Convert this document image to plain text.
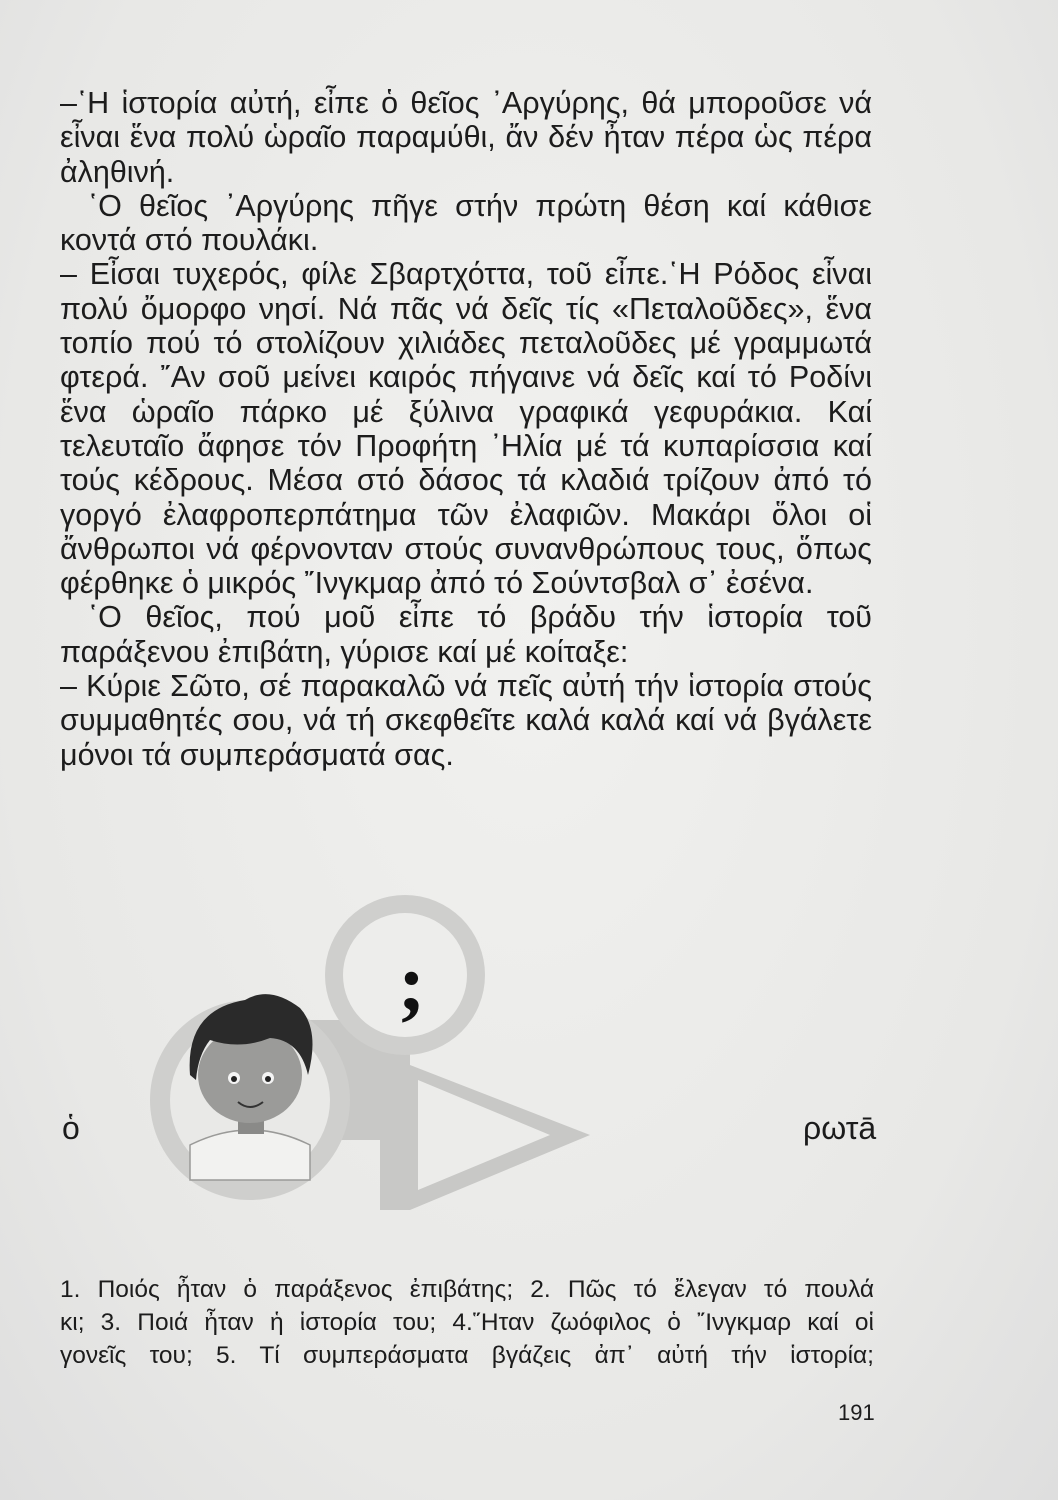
–῾Η ἱστορία αὐτή, εἶπε ὁ θεῖος ᾿Αργύρης, θά μποροῦσε νά εἶναι ἕνα πολύ ὡραῖο παραμύθι, ἄν δέν ἦταν πέρα ὡς πέρα ἀληθινή.

῾Ο θεῖος ᾿Αργύρης πῆγε στήν πρώτη θέση καί κάθισε κοντά στό πουλάκι.

– Εἶσαι τυχερός, φίλε Σβαρτχόττα, τοῦ εἶπε.῾Η Ρόδος εἶναι πολύ ὄμορφο νησί. Νά πᾶς νά δεῖς τίς «Πεταλοῦδες», ἕνα τοπίο πού τό στολίζουν χιλιάδες πεταλοῦδες μέ γραμμωτά φτερά. ῎Αν σοῦ μείνει καιρός πήγαινε νά δεῖς καί τό Ροδίνι ἕνα ὡραῖο πάρκο μέ ξύλινα γραφικά γεφυράκια. Καί τελευταῖο ἄφησε τόν Προφήτη ᾿Ηλία μέ τά κυπαρίσσια καί τούς κέδρους. Μέσα στό δάσος τά κλαδιά τρίζουν ἀπό τό γοργό ἐλαφροπερπάτημα τῶν ἐλαφιῶν. Μακάρι ὅλοι οἱ ἄνθρωποι νά φέρνονταν στούς συνανθρώπους τους, ὅπως φέρθηκε ὁ μικρός ῎Ινγκμαρ ἀπό τό Σούντσβαλ σ᾿ ἐσένα.

῾Ο θεῖος, πού μοῦ εἶπε τό βράδυ τήν ἱστορία τοῦ παράξενου ἐπιβάτη, γύρισε καί μέ κοίταξε:

– Κύριε Σῶτο, σέ παρακαλῶ νά πεῖς αὐτή τήν ἱστορία στούς συμμαθητές σου, νά τή σκεφθεῖτε καλά καλά καί νά βγάλετε μόνοι τά συμπεράσματά σας.

;
ὁ	ρωτā
1. Ποιός ἦταν ὁ παράξενος ἐπιβάτης; 2. Πῶς τό ἔλεγαν τό πουλά
κι; 3. Ποιά ἦταν ἡ ἱστορία του; 4.῞Ηταν ζωόφιλος ὁ ῎Ινγκμαρ καί οἱ
γονεῖς του; 5. Τί συμπεράσματα βγάζεις ἀπ᾿ αὐτή τήν ἱστορία;
191
